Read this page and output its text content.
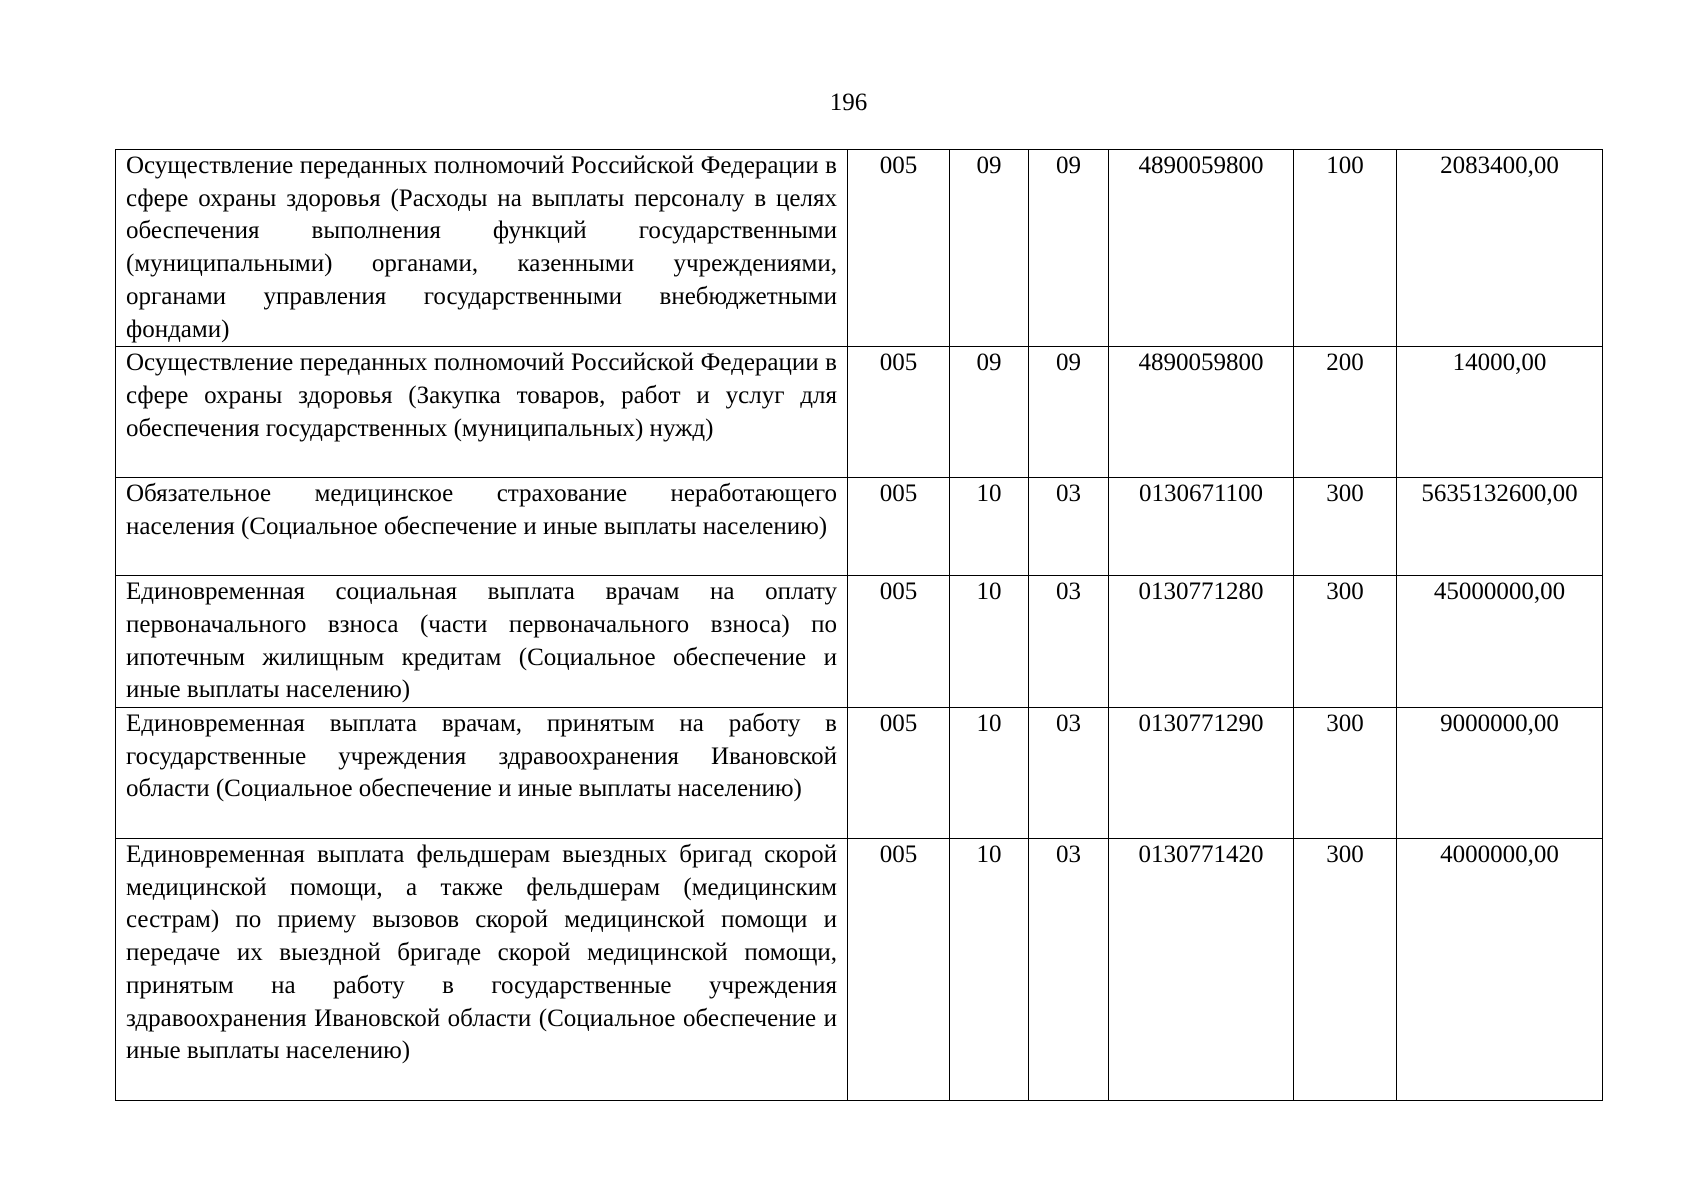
196
Осуществление переданных полномочий Российской Федерации в сфере охраны здоровья (Расходы на выплаты персоналу в целях обеспечения выполнения функций государственными (муниципальными) органами, казенными учреждениями, органами управления государственными внебюджетными фондами)	005	09	09	4890059800	100	2083400,00
Осуществление переданных полномочий Российской Федерации в сфере охраны здоровья (Закупка товаров, работ и услуг для обеспечения государственных (муниципальных) нужд)	005	09	09	4890059800	200	14000,00
Обязательное медицинское страхование неработающего населения (Социальное обеспечение и иные выплаты населению)	005	10	03	0130671100	300	5635132600,00
Единовременная социальная выплата врачам на оплату первоначального взноса (части первоначального взноса) по ипотечным жилищным кредитам (Социальное обеспечение и иные выплаты населению)	005	10	03	0130771280	300	45000000,00
Единовременная выплата врачам, принятым на работу в государственные учреждения здравоохранения Ивановской области (Социальное обеспечение и иные выплаты населению)	005	10	03	0130771290	300	9000000,00
Единовременная выплата фельдшерам выездных бригад скорой медицинской помощи, а также фельдшерам (медицинским сестрам) по приему вызовов скорой медицинской помощи и передаче их выездной бригаде скорой медицинской помощи, принятым на работу в государственные учреждения здравоохранения Ивановской области (Социальное обеспечение и иные выплаты населению)	005	10	03	0130771420	300	4000000,00
